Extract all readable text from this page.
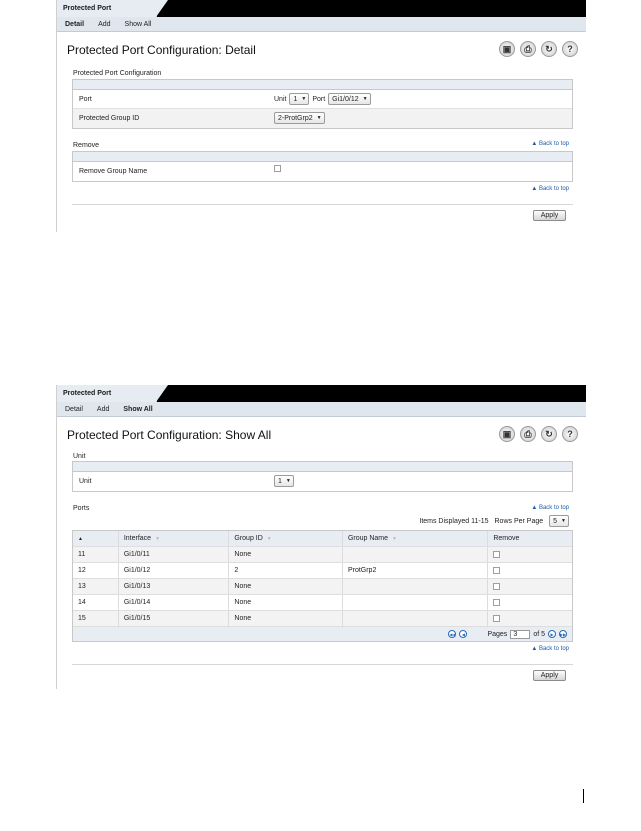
Protected Port
Detail Add Show All
Protected Port Configuration: Detail	▣	⎙	↻	?
Protected Port Configuration
Port	Unit 1 ▼ Port Gi1/0/12 ▼
Protected Group ID	2-ProtGrp2 ▼
Remove	▲ Back to top
Remove Group Name
▲ Back to top
Apply
Protected Port
Detail Add Show All
Protected Port Configuration: Show All	▣	⎙	↻	?
Unit
Unit	1 ▼
Ports	▲ Back to top
Items Displayed 11-15 Rows Per Page 5 ▼
▲	Interface ▼	Group ID ▼	Group Name ▼	Remove
11	Gi1/0/11	None
12	Gi1/0/12	2	ProtGrp2
13	Gi1/0/13	None
14	Gi1/0/14	None
15	Gi1/0/15	None
◀◀	◀	Pages 3	of 5	▶	▶▶
▲ Back to top
Apply
